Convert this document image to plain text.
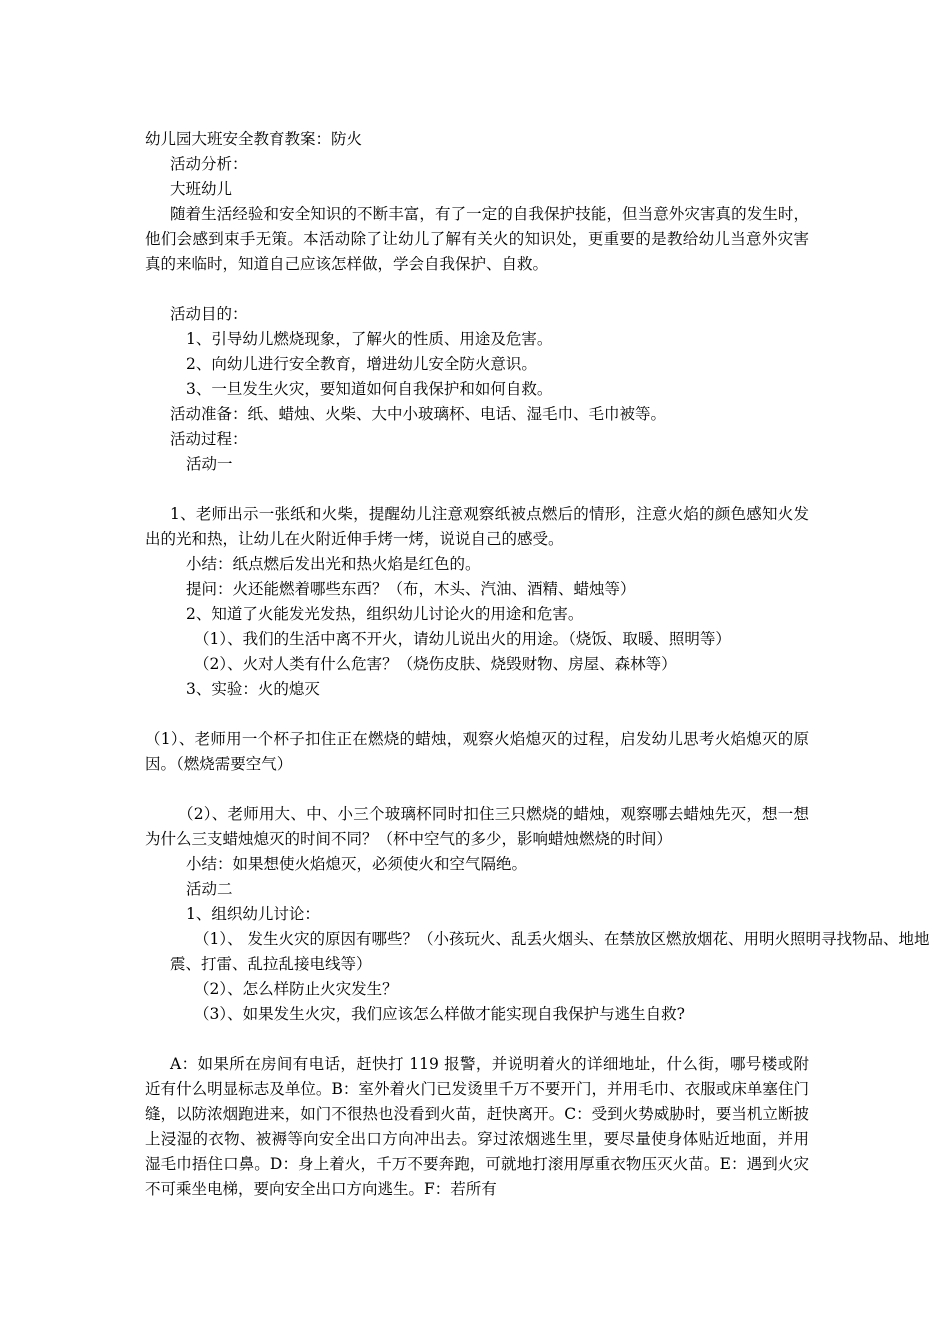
幼儿园大班安全教育教案：防火
活动分析：
大班幼儿
随着生活经验和安全知识的不断丰富，有了一定的自我保护技能，但当意外灾害真的发生时，他们会感到束手无策。本活动除了让幼儿了解有关火的知识处，更重要的是教给幼儿当意外灾害真的来临时，知道自己应该怎样做，学会自我保护、自救。
活动目的：
1、引导幼儿燃烧现象，了解火的性质、用途及危害。
2、向幼儿进行安全教育，增进幼儿安全防火意识。
3、一旦发生火灾，要知道如何自我保护和如何自救。
活动准备：纸、蜡烛、火柴、大中小玻璃杯、电话、湿毛巾、毛巾被等。
活动过程：
活动一
1、老师出示一张纸和火柴，提醒幼儿注意观察纸被点燃后的情形，注意火焰的颜色感知火发出的光和热，让幼儿在火附近伸手烤一烤，说说自己的感受。
小结：纸点燃后发出光和热火焰是红色的。
提问：火还能燃着哪些东西？（布，木头、汽油、酒精、蜡烛等）
2、知道了火能发光发热，组织幼儿讨论火的用途和危害。
（1）、我们的生活中离不开火，请幼儿说出火的用途。（烧饭、取暖、照明等）
（2）、火对人类有什么危害？（烧伤皮肤、烧毁财物、房屋、森林等）
3、实验：火的熄灭
（1）、老师用一个杯子扣住正在燃烧的蜡烛，观察火焰熄灭的过程，启发幼儿思考火焰熄灭的原因。（燃烧需要空气）
（2）、老师用大、中、小三个玻璃杯同时扣住三只燃烧的蜡烛，观察哪去蜡烛先灭，想一想为什么三支蜡烛熄灭的时间不同？（杯中空气的多少，影响蜡烛燃烧的时间）
小结：如果想使火焰熄灭，必须使火和空气隔绝。
活动二
1、组织幼儿讨论：
（1）、 发生火灾的原因有哪些？（小孩玩火、乱丢火烟头、在禁放区燃放烟花、用明火照明寻找物品、地地
震、打雷、乱拉乱接电线等）
（2）、怎么样防止火灾发生？
（3）、如果发生火灾，我们应该怎么样做才能实现自我保护与逃生自救?
A：如果所在房间有电话，赶快打 119 报警，并说明着火的详细地址，什么街，哪号楼或附近有什么明显标志及单位。B：室外着火门已发烫里千万不要开门，并用毛巾、衣服或床单塞住门缝，以防浓烟跑进来，如门不很热也没看到火苗，赶快离开。C：受到火势威胁时，要当机立断披上浸湿的衣物、被褥等向安全出口方向冲出去。穿过浓烟逃生里，要尽量使身体贴近地面，并用湿毛巾捂住口鼻。D：身上着火，千万不要奔跑，可就地打滚用厚重衣物压灭火苗。E：遇到火灾不可乘坐电梯，要向安全出口方向逃生。F：若所有
